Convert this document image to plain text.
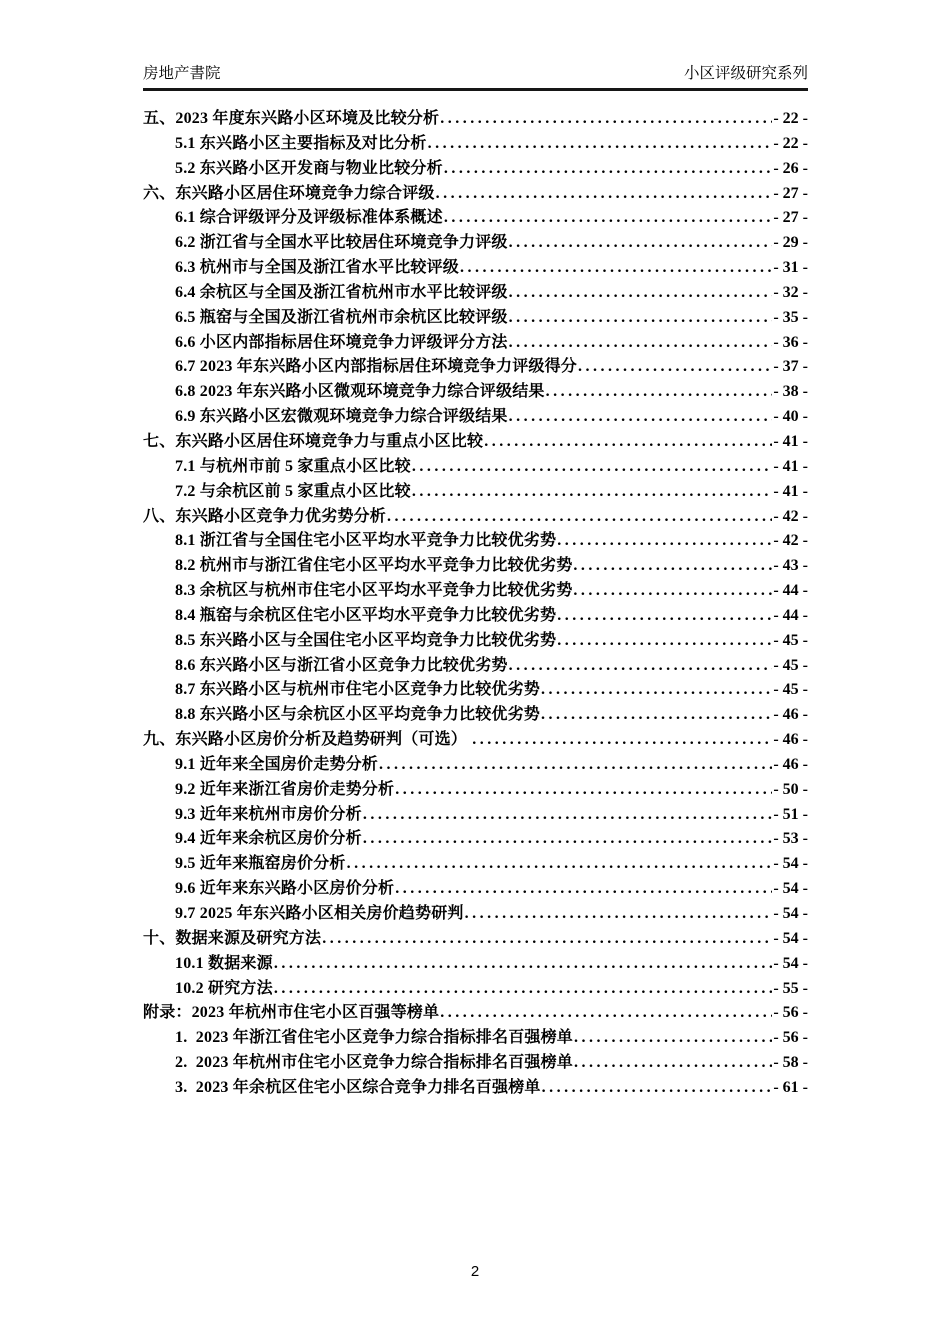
房地产書院	小区评级研究系列
五、2023 年度东兴路小区环境及比较分析 .....	- 22 -
5.1 东兴路小区主要指标及对比分析 .....	- 22 -
5.2 东兴路小区开发商与物业比较分析 .....	- 26 -
六、东兴路小区居住环境竞争力综合评级 .....	- 27 -
6.1 综合评级评分及评级标准体系概述 .....	- 27 -
6.2 浙江省与全国水平比较居住环境竞争力评级 .....	- 29 -
6.3 杭州市与全国及浙江省水平比较评级 .....	- 31 -
6.4 余杭区与全国及浙江省杭州市水平比较评级 .....	- 32 -
6.5 瓶窑与全国及浙江省杭州市余杭区比较评级 .....	- 35 -
6.6 小区内部指标居住环境竞争力评级评分方法 .....	- 36 -
6.7 2023 年东兴路小区内部指标居住环境竞争力评级得分 .....	- 37 -
6.8 2023 年东兴路小区微观环境竞争力综合评级结果 .....	- 38 -
6.9 东兴路小区宏微观环境竞争力综合评级结果 .....	- 40 -
七、东兴路小区居住环境竞争力与重点小区比较 .....	- 41 -
7.1 与杭州市前 5 家重点小区比较 .....	- 41 -
7.2 与余杭区前 5 家重点小区比较 .....	- 41 -
八、东兴路小区竞争力优劣势分析 .....	- 42 -
8.1 浙江省与全国住宅小区平均水平竞争力比较优劣势 .....	- 42 -
8.2 杭州市与浙江省住宅小区平均水平竞争力比较优劣势 .....	- 43 -
8.3 余杭区与杭州市住宅小区平均水平竞争力比较优劣势 .....	- 44 -
8.4 瓶窑与余杭区住宅小区平均水平竞争力比较优劣势 .....	- 44 -
8.5 东兴路小区与全国住宅小区平均竞争力比较优劣势 .....	- 45 -
8.6 东兴路小区与浙江省小区竞争力比较优劣势 .....	- 45 -
8.7 东兴路小区与杭州市住宅小区竞争力比较优劣势 .....	- 45 -
8.8 东兴路小区与余杭区小区平均竞争力比较优劣势 .....	- 46 -
九、东兴路小区房价分析及趋势研判（可选） .....	- 46 -
9.1 近年来全国房价走势分析 .....	- 46 -
9.2 近年来浙江省房价走势分析 .....	- 50 -
9.3 近年来杭州市房价分析 .....	- 51 -
9.4 近年来余杭区房价分析 .....	- 53 -
9.5 近年来瓶窑房价分析 .....	- 54 -
9.6 近年来东兴路小区房价分析 .....	- 54 -
9.7 2025 年东兴路小区相关房价趋势研判 .....	- 54 -
十、数据来源及研究方法 .....	- 54 -
10.1 数据来源 .....	- 54 -
10.2 研究方法 .....	- 55 -
附录：2023 年杭州市住宅小区百强等榜单 .....	- 56 -
1.  2023 年浙江省住宅小区竞争力综合指标排名百强榜单 .....	- 56 -
2.  2023 年杭州市住宅小区竞争力综合指标排名百强榜单 .....	- 58 -
3.  2023 年余杭区住宅小区综合竞争力排名百强榜单 .....	- 61 -
2
